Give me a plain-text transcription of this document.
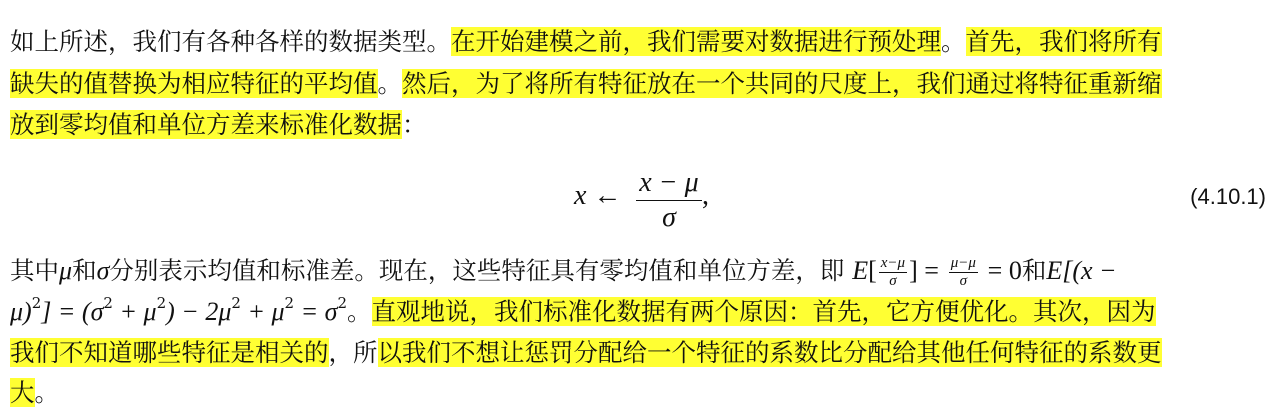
如上所述，我们有各种各样的数据类型。在开始建模之前，我们需要对数据进行预处理。首先，我们将所有
缺失的值替换为相应特征的平均值。然后，为了将所有特征放在一个共同的尺度上，我们通过将特征重新缩
放到零均值和单位方差来标准化数据：
x ← $\frac{x - \mu}{\sigma}$ ,	(4.10.1)
其中μ和σ分别表示均值和标准差。现在，这些特征具有零均值和单位方差，即 $E[ \frac{x-\mu}{\sigma}$ ] = $\frac{\mu-\mu}{\sigma} = 0$和E[(x −
$\mu)^2] = (\sigma^2 + \mu^2) - 2\mu^2 + \mu^2 = \sigma^2$。直观地说，我们标准化数据有两个原因：首先，它方便优化。其次，因为
我们不知道哪些特征是相关的，所以我们不想让惩罚分配给一个特征的系数比分配给其他任何特征的系数更
大。
